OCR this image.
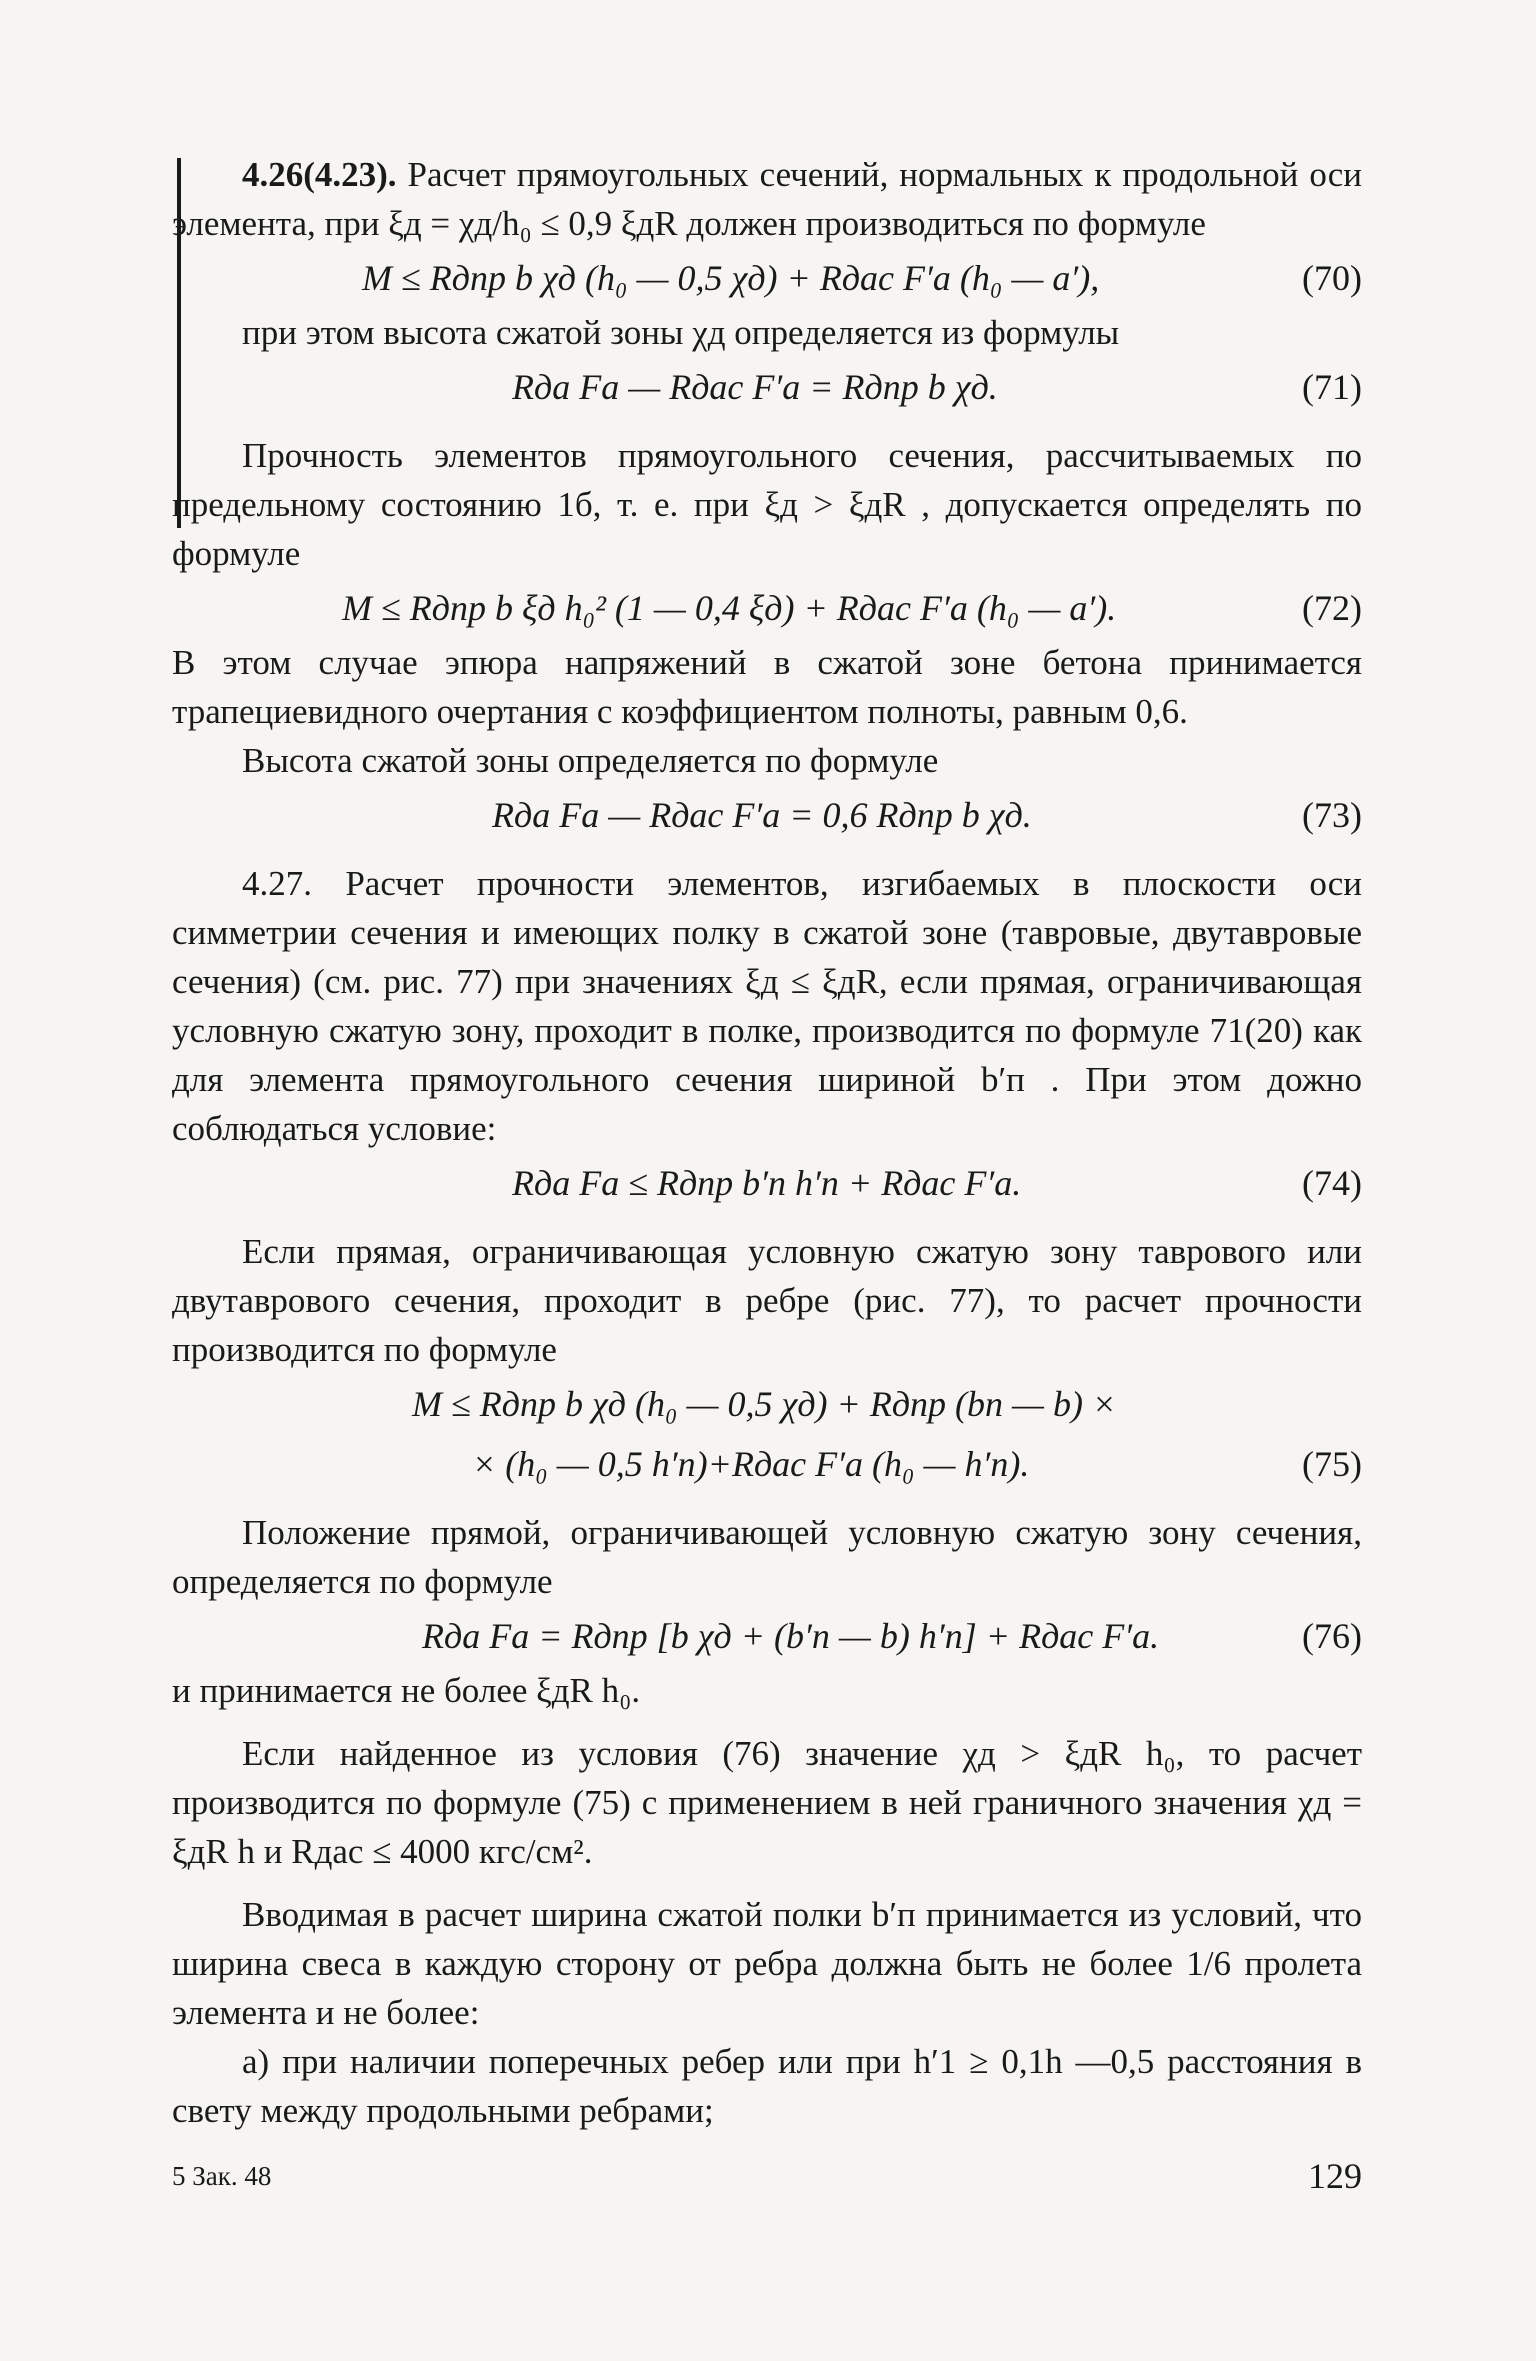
4.26(4.23). Расчет прямоугольных сечений, нормальных к продольной оси элемента, при ξд = χд/h₀ ≤ 0,9 ξдR должен производиться по формуле

M ≤ Rдпр b χд (h₀ — 0,5 χд) + Rдас F′а (h₀ — a′),	(70)

при этом высота сжатой зоны χд определяется из формулы

Rда Fа — Rдас F′а = Rдпр b χд.	(71)

Прочность элементов прямоугольного сечения, рассчитываемых по предельному состоянию 1б, т. е. при ξд > ξдR , допускается определять по формуле

M ≤ Rдпр b ξд h₀² (1 — 0,4 ξд) + Rдас F′а (h₀ — a′).	(72)

В этом случае эпюра напряжений в сжатой зоне бетона принимается трапециевидного очертания с коэффициентом полноты, равным 0,6.

Высота сжатой зоны определяется по формуле

Rда Fа — Rдас F′а = 0,6 Rдпр b χд.	(73)

4.27. Расчет прочности элементов, изгибаемых в плоскости оси симметрии сечения и имеющих полку в сжатой зоне (тавровые, двутавровые сечения) (см. рис. 77) при значениях ξд ≤ ξдR, если прямая, ограничивающая условную сжатую зону, проходит в полке, производится по формуле 71(20) как для элемента прямоугольного сечения шириной b′п . При этом дожно соблюдаться условие:

Rда Fа ≤ Rдпр b′п h′п + Rдас F′а.	(74)

Если прямая, ограничивающая условную сжатую зону таврового или двутаврового сечения, проходит в ребре (рис. 77), то расчет прочности производится по формуле

M ≤ Rдпр b χд (h₀ — 0,5 χд) + Rдпр (bп — b) ×
× (h₀ — 0,5 h′п)+Rдас F′а (h₀ — h′п).	(75)

Положение прямой, ограничивающей условную сжатую зону сечения, определяется по формуле

Rда Fа = Rдпр [b χд + (b′п — b) h′п] + Rдас F′а.	(76)

и принимается не более ξдR h₀.

Если найденное из условия (76) значение χд > ξдR h₀, то расчет производится по формуле (75) с применением в ней граничного значения χд = ξдR h и Rдас ≤ 4000 кгс/см².

Вводимая в расчет ширина сжатой полки b′п принимается из условий, что ширина свеса в каждую сторону от ребра должна быть не более 1/6 пролета элемента и не более:

а) при наличии поперечных ребер или при h′1 ≥ 0,1h —0,5 расстояния в свету между продольными ребрами;

5 Зак. 48	129
